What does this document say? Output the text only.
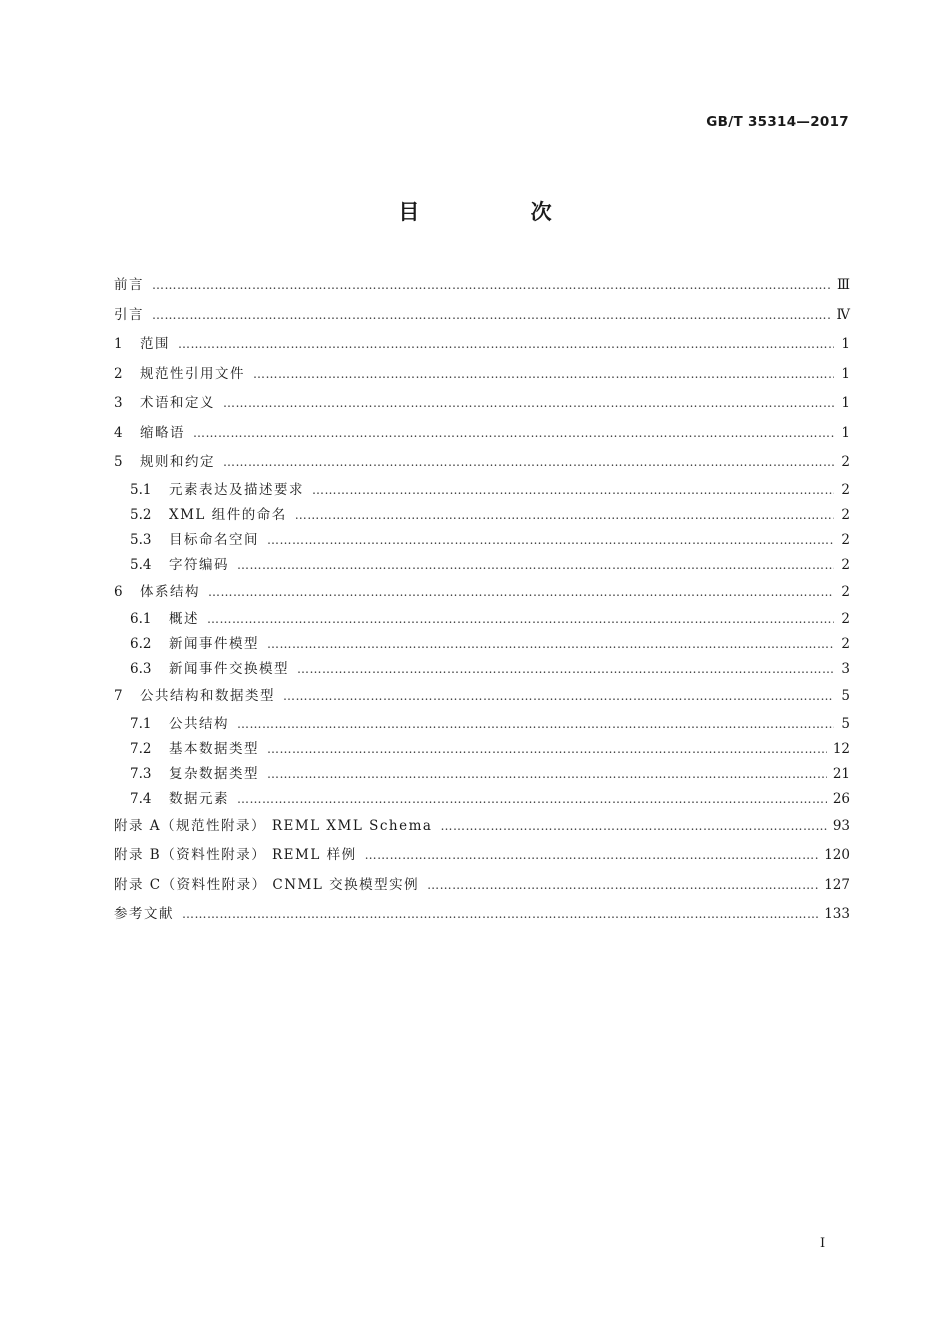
GB/T 35314—2017
目 次
前言 ……………………………………………………………………………………………………………………………………………………………………………………………………………………	Ⅲ
引言 ……………………………………………………………………………………………………………………………………………………………………………………………………………………	Ⅳ
1	范围 ……………………………………………………………………………………………………………………………………………………………………………………………………………………	1
2	规范性引用文件 ……………………………………………………………………………………………………………………………………………………………………………………………………………………	1
3	术语和定义 ……………………………………………………………………………………………………………………………………………………………………………………………………………………	1
4	缩略语 ……………………………………………………………………………………………………………………………………………………………………………………………………………………	1
5	规则和约定 ……………………………………………………………………………………………………………………………………………………………………………………………………………………	2
5.1	元素表达及描述要求 ……………………………………………………………………………………………………………………………………………………………………………………………………………………	2
5.2	XML 组件的命名 ……………………………………………………………………………………………………………………………………………………………………………………………………………………	2
5.3	目标命名空间 ……………………………………………………………………………………………………………………………………………………………………………………………………………………	2
5.4	字符编码 ……………………………………………………………………………………………………………………………………………………………………………………………………………………	2
6	体系结构 ……………………………………………………………………………………………………………………………………………………………………………………………………………………	2
6.1	概述 ……………………………………………………………………………………………………………………………………………………………………………………………………………………	2
6.2	新闻事件模型 ……………………………………………………………………………………………………………………………………………………………………………………………………………………	2
6.3	新闻事件交换模型 ……………………………………………………………………………………………………………………………………………………………………………………………………………………	3
7	公共结构和数据类型 ……………………………………………………………………………………………………………………………………………………………………………………………………………………	5
7.1	公共结构 ……………………………………………………………………………………………………………………………………………………………………………………………………………………	5
7.2	基本数据类型 ……………………………………………………………………………………………………………………………………………………………………………………………………………………	12
7.3	复杂数据类型 ……………………………………………………………………………………………………………………………………………………………………………………………………………………	21
7.4	数据元素 ……………………………………………………………………………………………………………………………………………………………………………………………………………………	26
附录 A（规范性附录） REML XML Schema ……………………………………………………………………………………………………………………………………………………………………………………………………………………	93
附录 B（资料性附录） REML 样例 ……………………………………………………………………………………………………………………………………………………………………………………………………………………	120
附录 C（资料性附录） CNML 交换模型实例 ……………………………………………………………………………………………………………………………………………………………………………………………………………………	127
参考文献 ……………………………………………………………………………………………………………………………………………………………………………………………………………………	133
I
